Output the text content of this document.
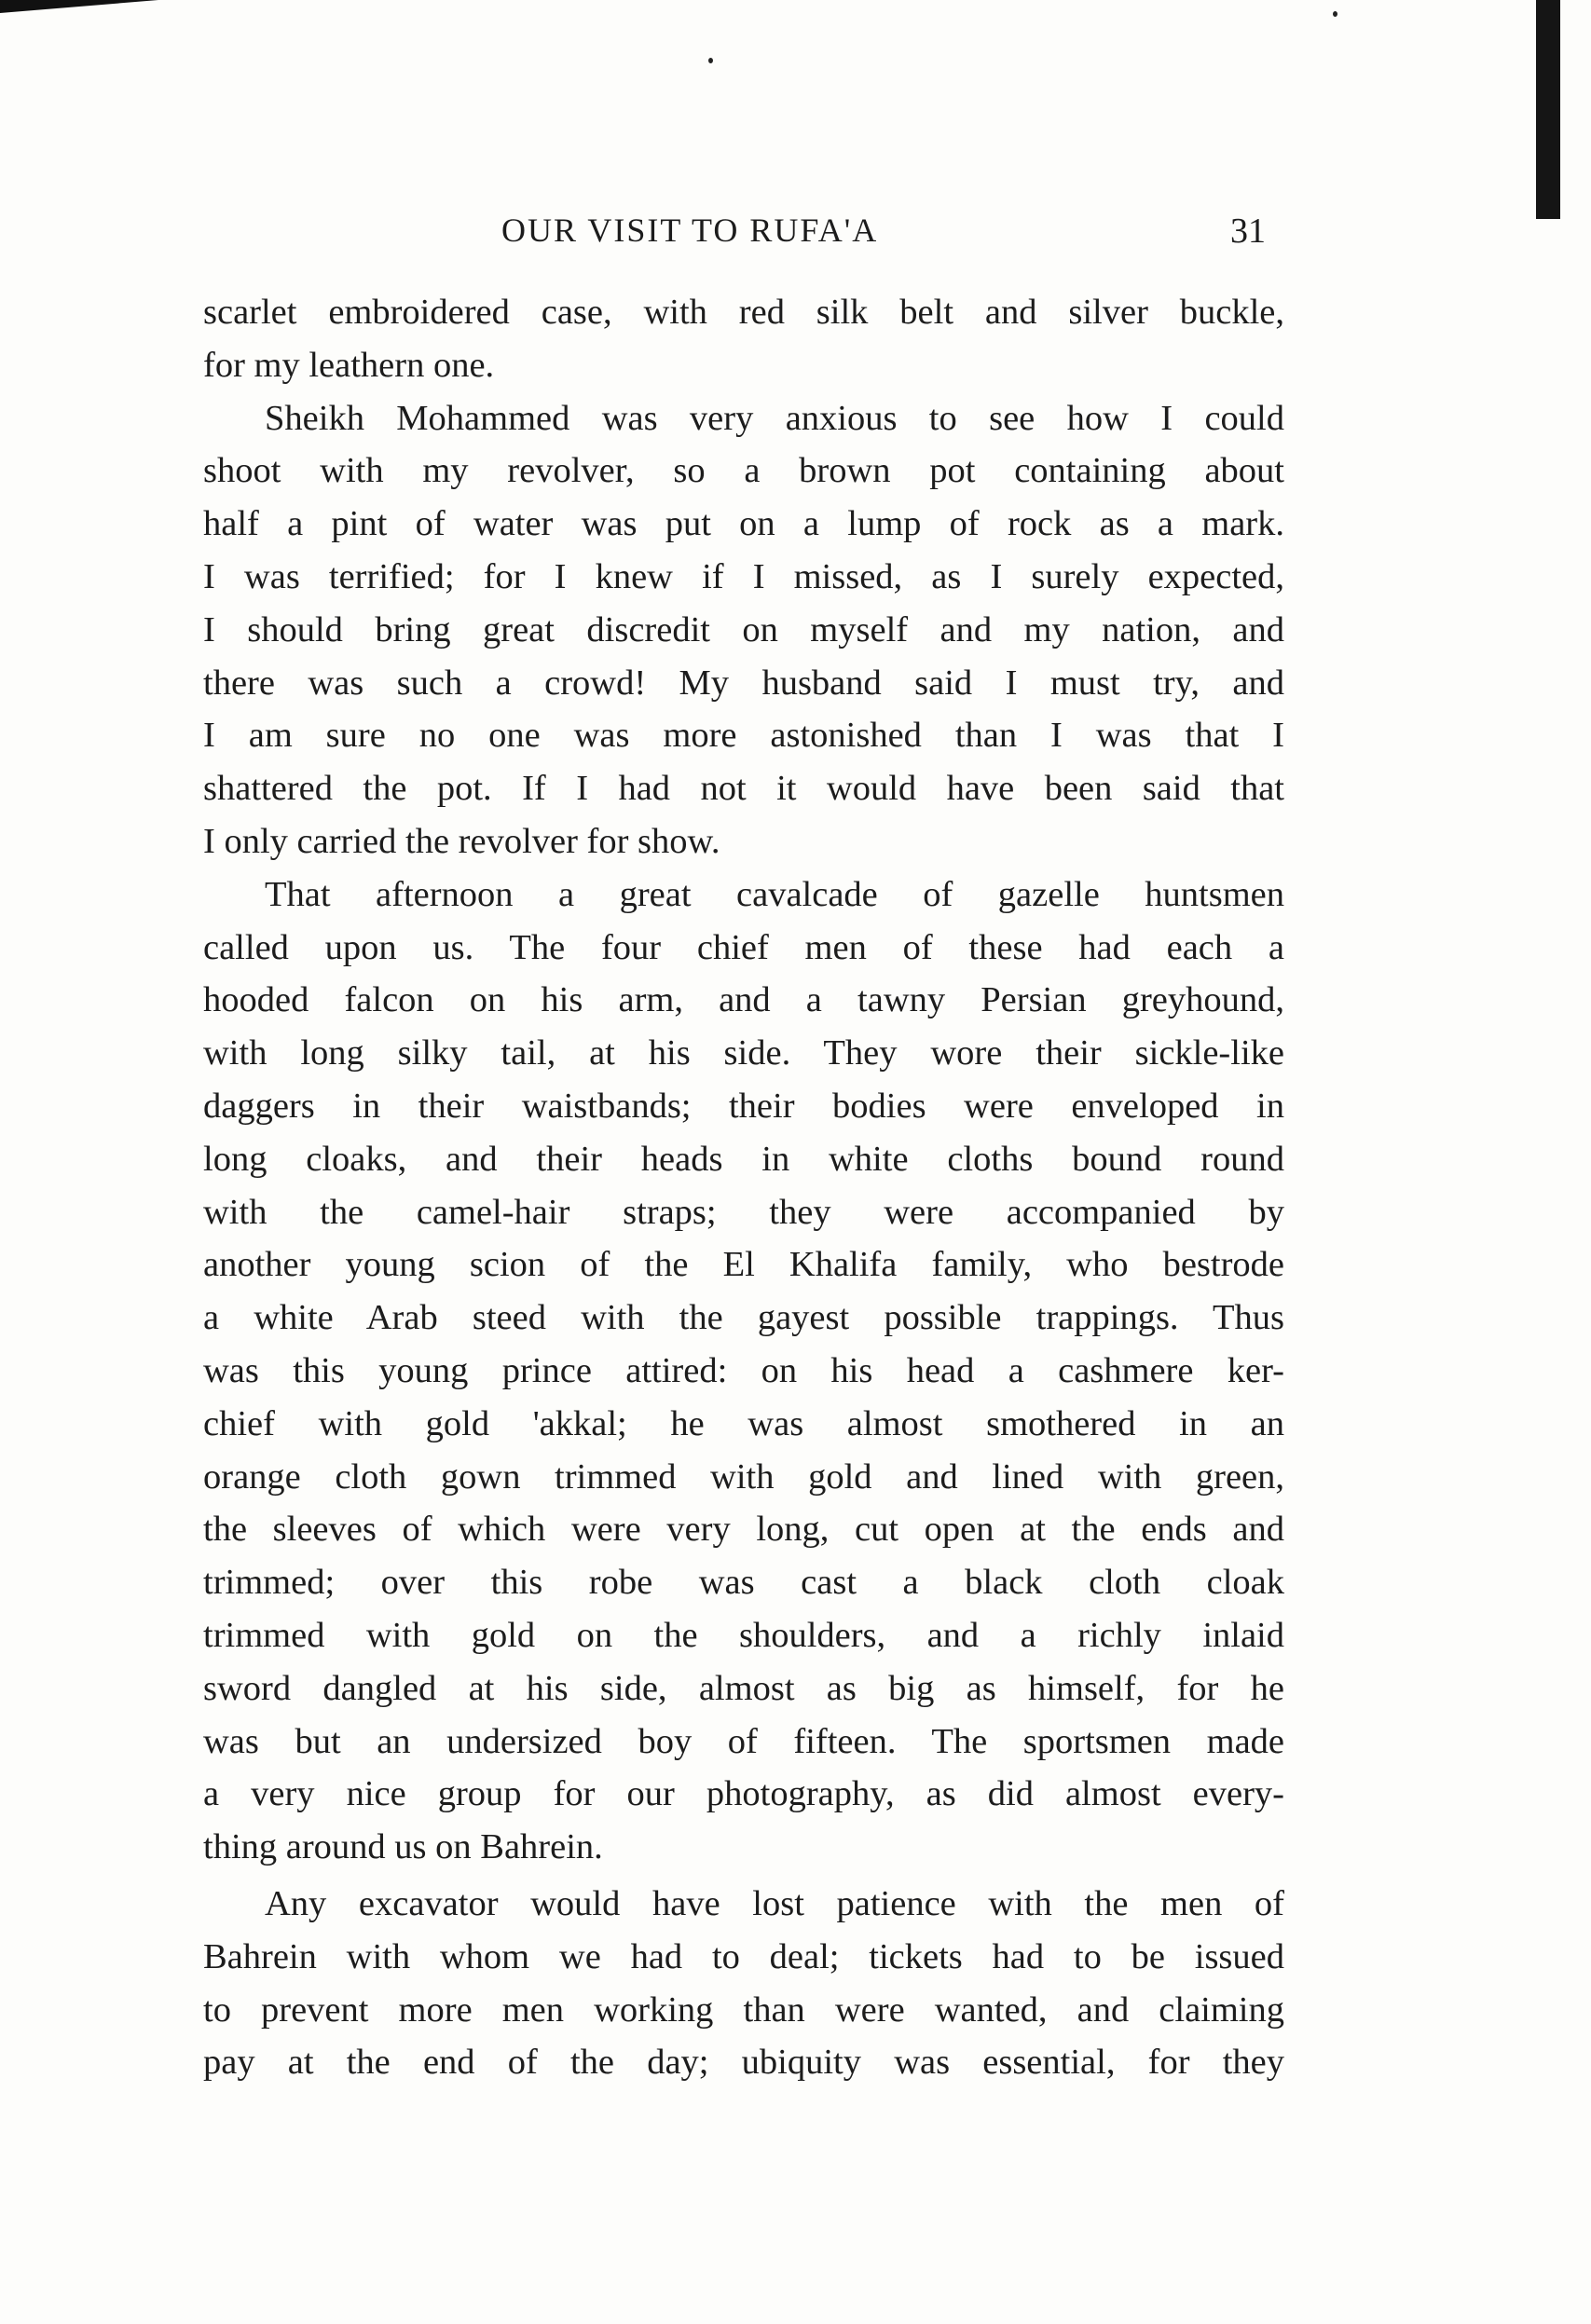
OUR VISIT TO RUFA'A	31
scarlet embroidered case, with red silk belt and silver buckle,
for my leathern one.
Sheikh Mohammed was very anxious to see how I could
shoot with my revolver, so a brown pot containing about
half a pint of water was put on a lump of rock as a mark.
I was terrified; for I knew if I missed, as I surely expected,
I should bring great discredit on myself and my nation, and
there was such a crowd! My husband said I must try, and
I am sure no one was more astonished than I was that I
shattered the pot. If I had not it would have been said that
I only carried the revolver for show.
That afternoon a great cavalcade of gazelle huntsmen
called upon us. The four chief men of these had each a
hooded falcon on his arm, and a tawny Persian greyhound,
with long silky tail, at his side. They wore their sickle-like
daggers in their waistbands; their bodies were enveloped in
long cloaks, and their heads in white cloths bound round
with the camel-hair straps; they were accompanied by
another young scion of the El Khalifa family, who bestrode
a white Arab steed with the gayest possible trappings. Thus
was this young prince attired: on his head a cashmere ker-
chief with gold 'akkal; he was almost smothered in an
orange cloth gown trimmed with gold and lined with green,
the sleeves of which were very long, cut open at the ends and
trimmed; over this robe was cast a black cloth cloak
trimmed with gold on the shoulders, and a richly inlaid
sword dangled at his side, almost as big as himself, for he
was but an undersized boy of fifteen. The sportsmen made
a very nice group for our photography, as did almost every-
thing around us on Bahrein.
Any excavator would have lost patience with the men of
Bahrein with whom we had to deal; tickets had to be issued
to prevent more men working than were wanted, and claiming
pay at the end of the day; ubiquity was essential, for they
